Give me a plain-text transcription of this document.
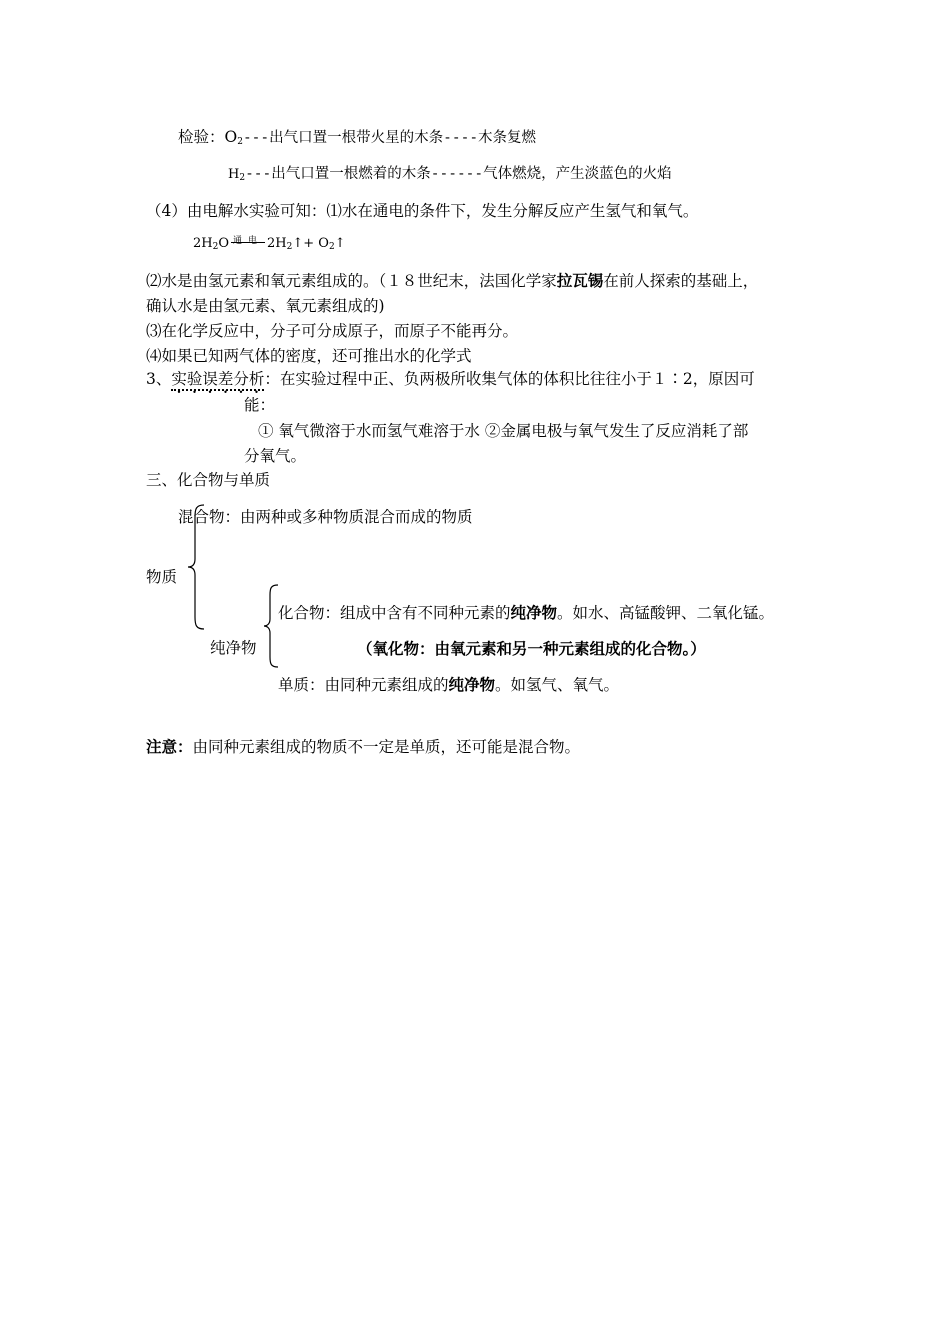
检验：$O_2---$出气口置一根带火星的木条----木条复燃
$H_2---$出气口置一根燃着的木条------气体燃烧，产生淡蓝色的火焰
（4）由电解水实验可知：⑴水在通电的条件下，发生分解反应产生氢气和氧气。
$2H_2O$ 通电 $2H_2↑+$ $O_2↑$
⑵水是由氢元素和氧元素组成的。（１８世纪末，法国化学家拉瓦锡在前人探索的基础上，
确认水是由氢元素、氧元素组成的)
⑶在化学反应中，分子可分成原子，而原子不能再分。
⑷如果已知两气体的密度，还可推出水的化学式
3、实验误差分析：在实验过程中正、负两极所收集气体的体积比往往小于１∶2，原因可
能：
① 氧气微溶于水而氢气难溶于水 ②金属电极与氧气发生了反应消耗了部
分氧气。
三、化合物与单质
混合物：由两种或多种物质混合而成的物质
物质
纯净物
化合物：组成中含有不同种元素的纯净物。如水、高锰酸钾、二氧化锰。
（氧化物：由氧元素和另一种元素组成的化合物。）
单质：由同种元素组成的纯净物。如氢气、氧气。
注意：由同种元素组成的物质不一定是单质，还可能是混合物。
